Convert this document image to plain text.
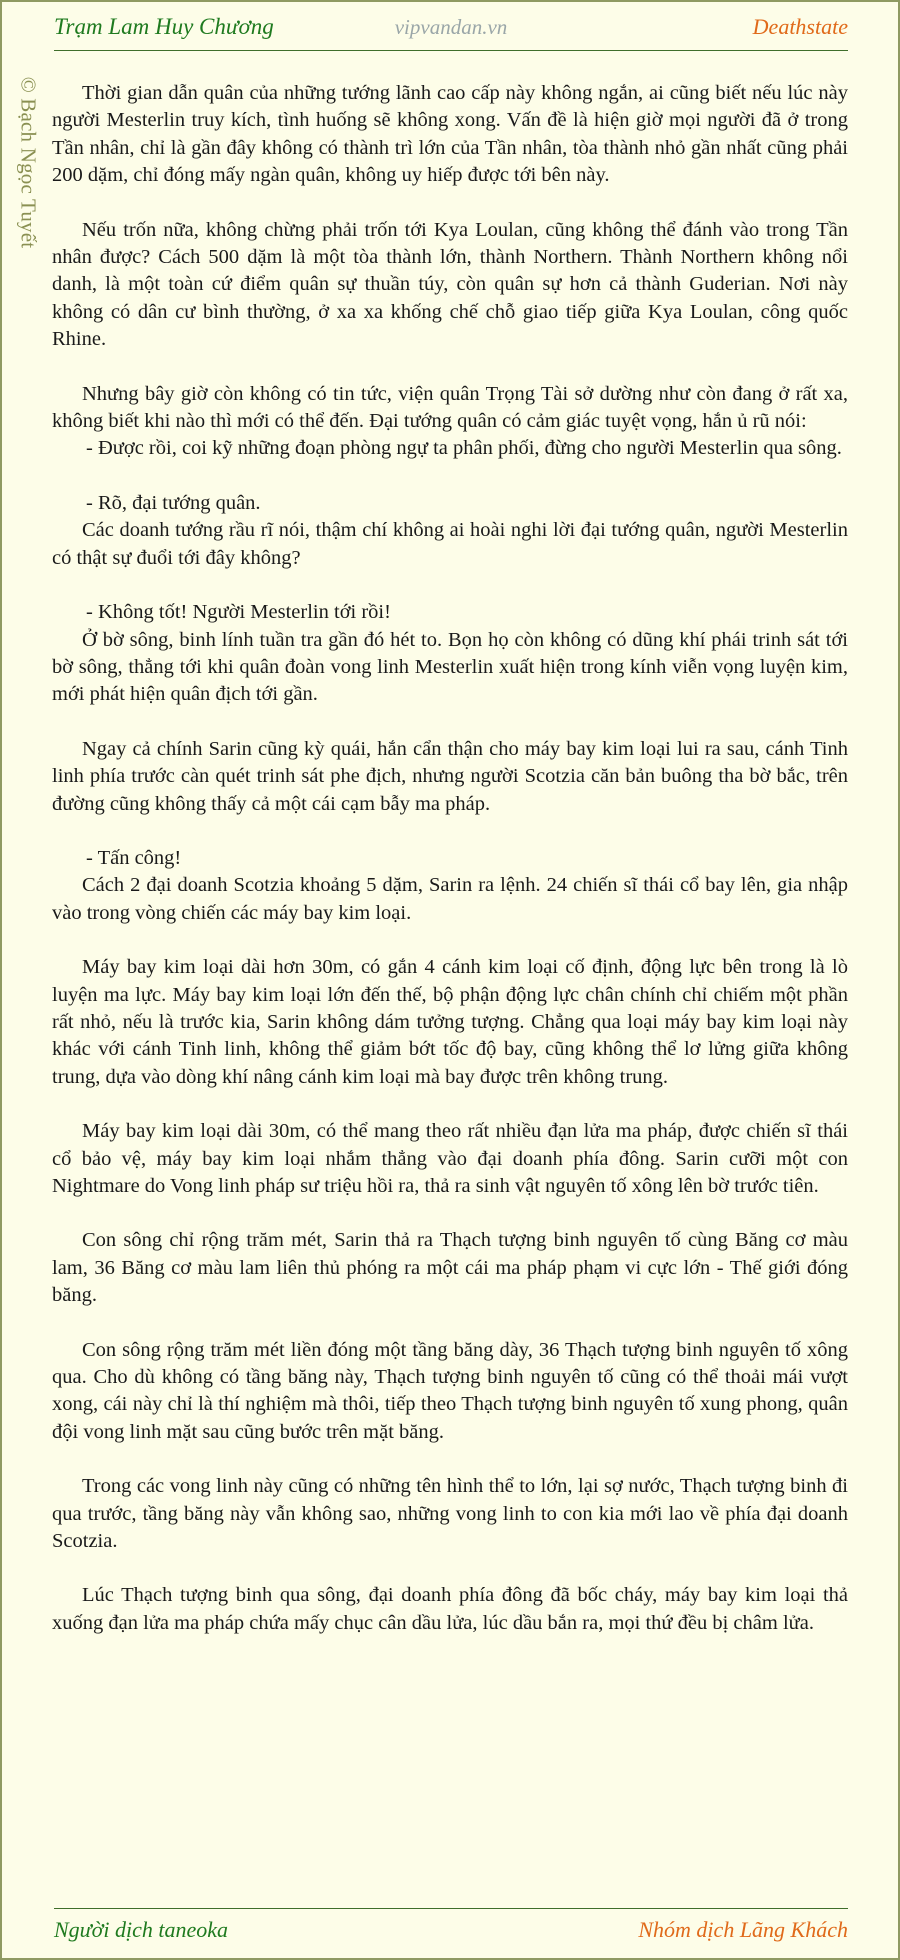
© Bạch Ngọc Tuyết
Trạm Lam Huy Chương	vipvandan.vn	Deathstate

Thời gian dẫn quân của những tướng lãnh cao cấp này không ngắn, ai cũng biết nếu lúc này người Mesterlin truy kích, tình huống sẽ không xong. Vấn đề là hiện giờ mọi người đã ở trong Tần nhân, chỉ là gần đây không có thành trì lớn của Tần nhân, tòa thành nhỏ gần nhất cũng phải 200 dặm, chỉ đóng mấy ngàn quân, không uy hiếp được tới bên này.

Nếu trốn nữa, không chừng phải trốn tới Kya Loulan, cũng không thể đánh vào trong Tần nhân được? Cách 500 dặm là một tòa thành lớn, thành Northern. Thành Northern không nổi danh, là một toàn cứ điểm quân sự thuần túy, còn quân sự hơn cả thành Guderian. Nơi này không có dân cư bình thường, ở xa xa khống chế chỗ giao tiếp giữa Kya Loulan, công quốc Rhine.

Nhưng bây giờ còn không có tin tức, viện quân Trọng Tài sở dường như còn đang ở rất xa, không biết khi nào thì mới có thể đến. Đại tướng quân có cảm giác tuyệt vọng, hắn ủ rũ nói:

- Được rồi, coi kỹ những đoạn phòng ngự ta phân phối, đừng cho người Mesterlin qua sông.

- Rõ, đại tướng quân.

Các doanh tướng rầu rĩ nói, thậm chí không ai hoài nghi lời đại tướng quân, người Mesterlin có thật sự đuổi tới đây không?

- Không tốt! Người Mesterlin tới rồi!

Ở bờ sông, binh lính tuần tra gần đó hét to. Bọn họ còn không có dũng khí phái trinh sát tới bờ sông, thẳng tới khi quân đoàn vong linh Mesterlin xuất hiện trong kính viễn vọng luyện kim, mới phát hiện quân địch tới gần.

Ngay cả chính Sarin cũng kỳ quái, hắn cẩn thận cho máy bay kim loại lui ra sau, cánh Tinh linh phía trước càn quét trinh sát phe địch, nhưng người Scotzia căn bản buông tha bờ bắc, trên đường cũng không thấy cả một cái cạm bẫy ma pháp.

- Tấn công!

Cách 2 đại doanh Scotzia khoảng 5 dặm, Sarin ra lệnh. 24 chiến sĩ thái cổ bay lên, gia nhập vào trong vòng chiến các máy bay kim loại.

Máy bay kim loại dài hơn 30m, có gắn 4 cánh kim loại cố định, động lực bên trong là lò luyện ma lực. Máy bay kim loại lớn đến thế, bộ phận động lực chân chính chỉ chiếm một phần rất nhỏ, nếu là trước kia, Sarin không dám tưởng tượng. Chẳng qua loại máy bay kim loại này khác với cánh Tinh linh, không thể giảm bớt tốc độ bay, cũng không thể lơ lửng giữa không trung, dựa vào dòng khí nâng cánh kim loại mà bay được trên không trung.

Máy bay kim loại dài 30m, có thể mang theo rất nhiều đạn lửa ma pháp, được chiến sĩ thái cổ bảo vệ, máy bay kim loại nhắm thẳng vào đại doanh phía đông. Sarin cưỡi một con Nightmare do Vong linh pháp sư triệu hồi ra, thả ra sinh vật nguyên tố xông lên bờ trước tiên.

Con sông chỉ rộng trăm mét, Sarin thả ra Thạch tượng binh nguyên tố cùng Băng cơ màu lam, 36 Băng cơ màu lam liên thủ phóng ra một cái ma pháp phạm vi cực lớn - Thế giới đóng băng.

Con sông rộng trăm mét liền đóng một tầng băng dày, 36 Thạch tượng binh nguyên tố xông qua. Cho dù không có tầng băng này, Thạch tượng binh nguyên tố cũng có thể thoải mái vượt xong, cái này chỉ là thí nghiệm mà thôi, tiếp theo Thạch tượng binh nguyên tố xung phong, quân đội vong linh mặt sau cũng bước trên mặt băng.

Trong các vong linh này cũng có những tên hình thể to lớn, lại sợ nước, Thạch tượng binh đi qua trước, tầng băng này vẫn không sao, những vong linh to con kia mới lao về phía đại doanh Scotzia.

Lúc Thạch tượng binh qua sông, đại doanh phía đông đã bốc cháy, máy bay kim loại thả xuống đạn lửa ma pháp chứa mấy chục cân dầu lửa, lúc dầu bắn ra, mọi thứ đều bị châm lửa.

Người dịch taneoka	Nhóm dịch Lãng Khách
